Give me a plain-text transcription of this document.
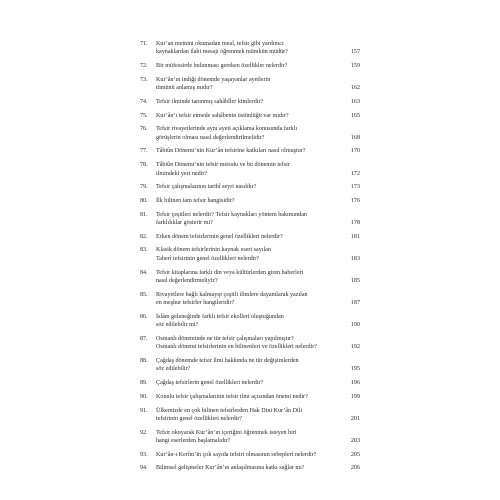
71.	Kur’an metnini okumadan meal, tefsir gibi yardımcı
kaynaklardan ilahi mesajı öğrenmek mümkün müdür?	157
72.	Bir müfessirde bulunması gereken özellikler nelerdir?	159
73.	Kur’ân’ın indiği dönemde yaşayanlar ayetlerin
tümünü anlamış mıdır?	162
74.	Tefsir ilminde tanınmış sahâbîler kimlerdir?	163
75.	Kur’ân’ı tefsir etmede sahâbenin üstünlüğü var mıdır?	165
76.	Tefsir rivayetlerinde aynı ayeti açıklama konusunda farklı
görüşlerin olması nasıl değerlendirilmelidir?	168
77.	Tâbiûn Dönemi’nin Kur’ân tefsirine katkıları nasıl olmuştur?	170
78.	Tâbiûn Dönemi’nin tefsir metodu ve bu dönemin tefsir
ilmindeki yeri nedir?	172
79.	Tefsir çalışmalarının tarihî seyri nasıldır?	173
80.	İlk bilinen tam tefsir hangisidir?	176
81.	Tefsir çeşitleri nelerdir? Tefsir kaynakları yöntem bakımından
farklılıklar gösterir mi?	178
82.	Erken dönem tefsirlerinin genel özellikleri nelerdir?	181
83.	Klasik dönem tefsirlerinin kaynak eseri sayılan
Taberî tefsirinin genel özellikleri nelerdir?	183
84.	Tefsir kitaplarına farklı din veya kültürlerden giren haberleri
nasıl değerlendirmeliyiz?	185
85.	Rivayetlere bağlı kalmayıp çeşitli ilimlere dayanılarak yazılan
en meşhur tefsirler hangileridir?	187
86.	İslâm geleneğinde farklı tefsir ekolleri oluştuğundan
söz edilebilir mi?	190
87.	Osmanlı döneminde ne tür tefsir çalışmaları yapılmıştır?
Osmanlı dönemi tefsirlerinin en bilinenleri ve özellikleri nelerdir?	192
88.	Çağdaş dönemde tefsir ilmi hakkında ne tür değişimlerden
söz edilebilir?	195
89.	Çağdaş tefsirlerin genel özellikleri nelerdir?	196
90.	Konulu tefsir çalışmalarının tefsir ilmi açısından önemi nedir?	199
91.	Ülkemizde en çok bilinen tefsirlerden Hak Dini Kur’ân Dili
tefsirinin genel özellikleri nelerdir?	201
92.	Tefsir okuyarak Kur’ân’ın içeriğini öğrenmek isteyen biri
hangi eserlerden başlamalıdır?	203
93.	Kur’ân-ı Kerîm’in çok sayıda tefsiri olmasının sebepleri nelerdir?	205
94.	Bilimsel gelişmeler Kur’ân’ın anlaşılmasına katkı sağlar mı?	206
